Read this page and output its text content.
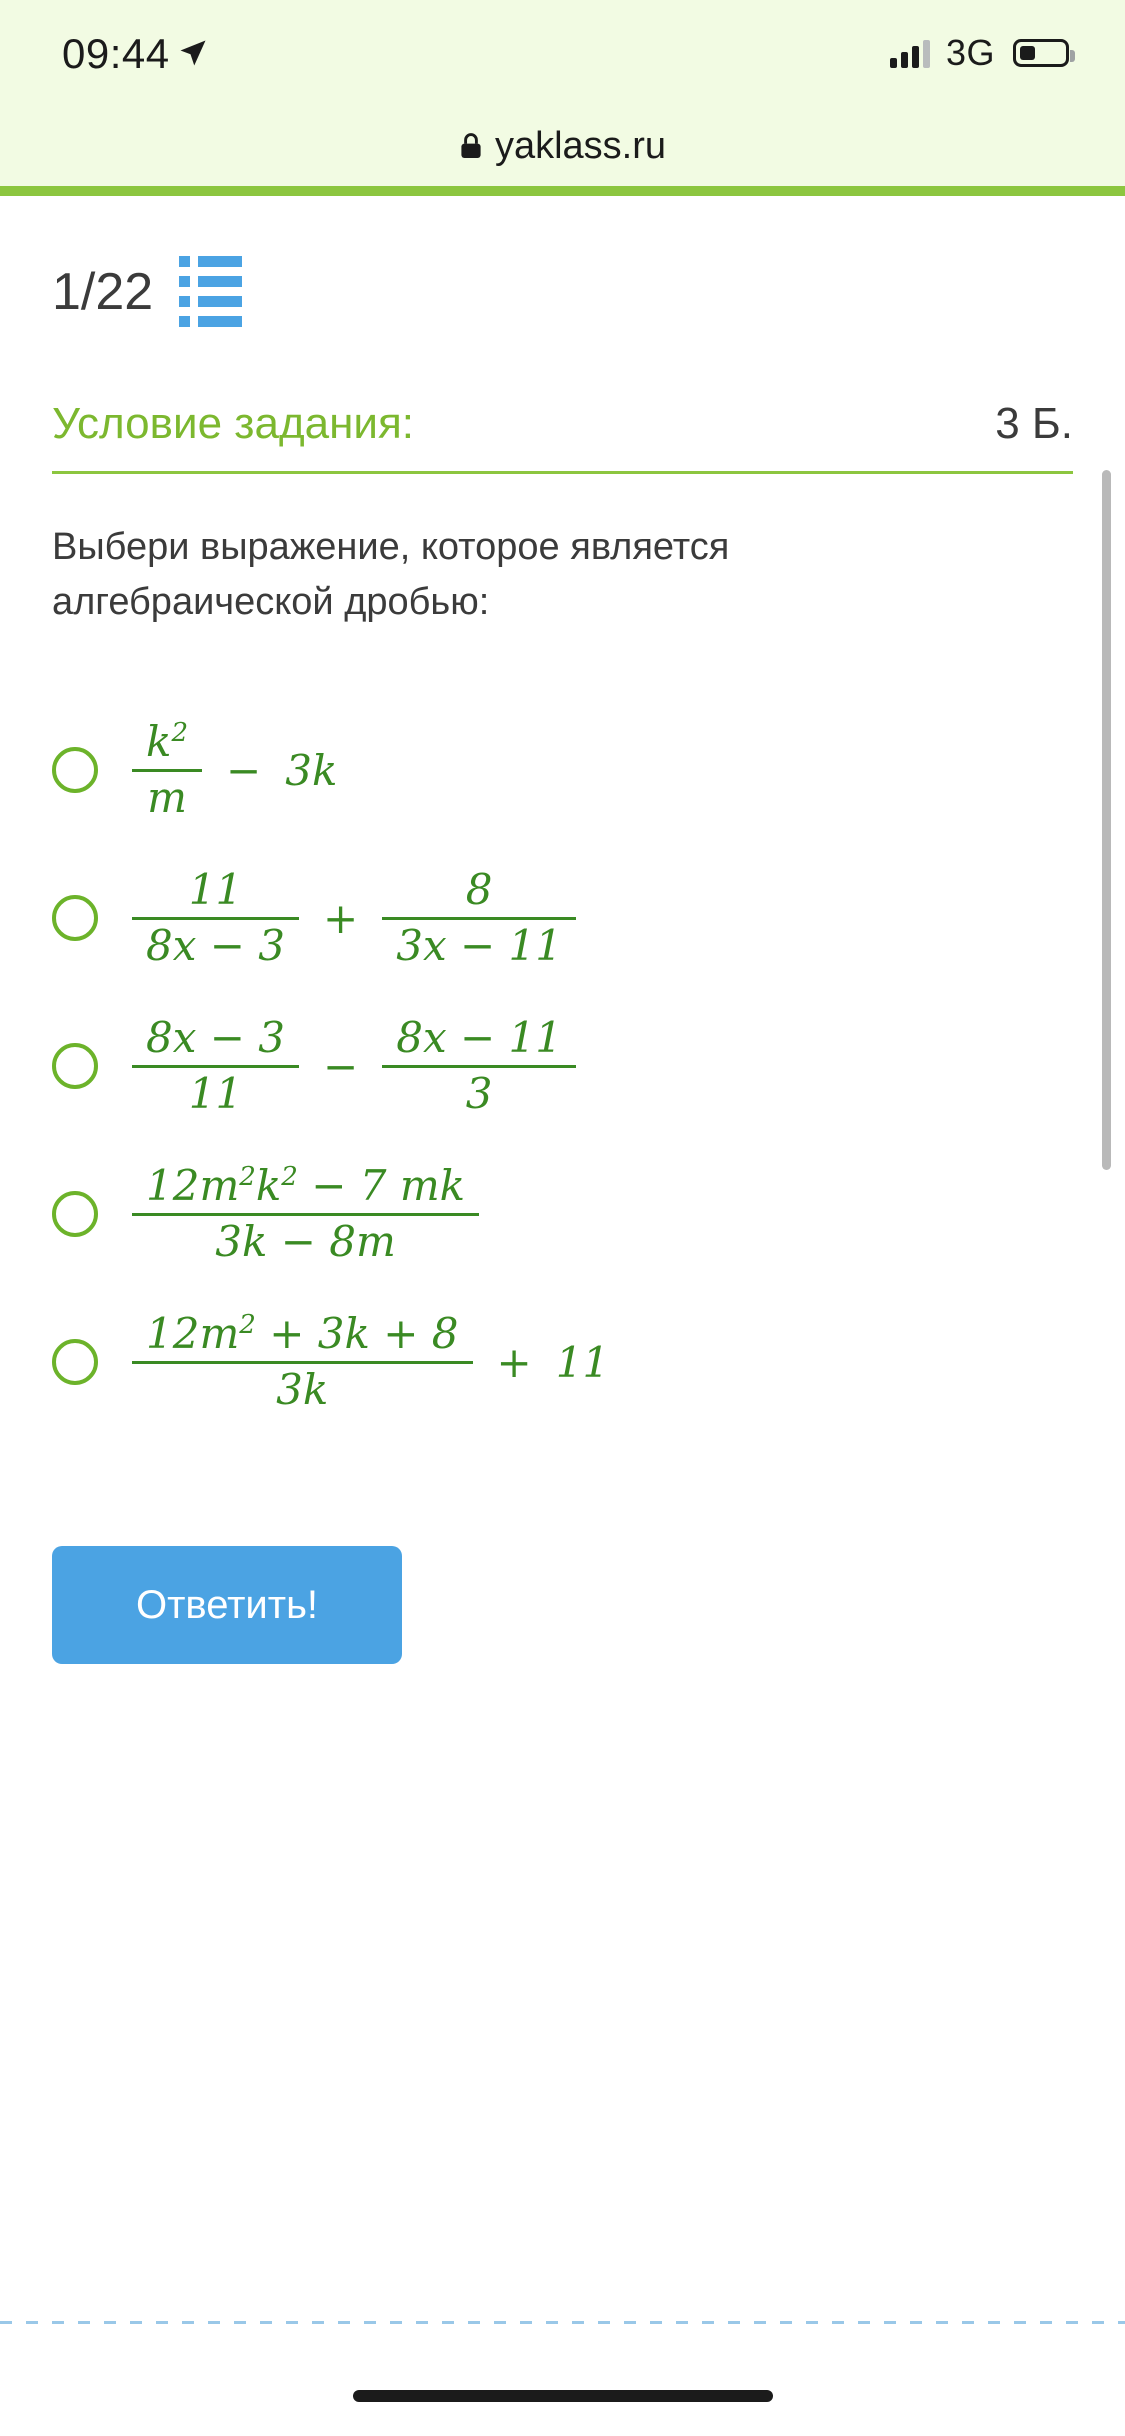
09:44	3G
yaklass.ru
1/22
Условие задания:	3 Б.
Выбери выражение, которое является алгебраической дробью:
$\frac{k^2}{m} - 3k$
$\frac{11}{8x - 3} + \frac{8}{3x - 11}$
$\frac{8x - 3}{11} - \frac{8x - 11}{3}$
$\frac{12m^2k^2 - 7 mk}{3k - 8m}$
$\frac{12m^2 + 3k + 8}{3k} + 11$
Ответить!
